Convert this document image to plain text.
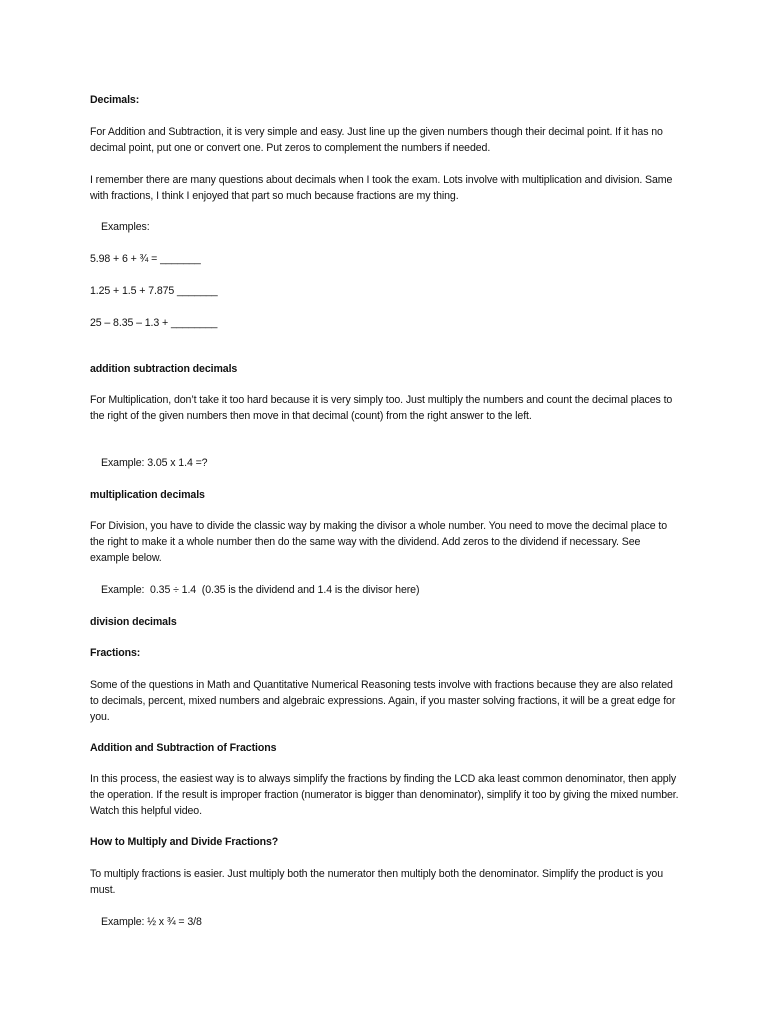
Decimals:
For Addition and Subtraction, it is very simple and easy. Just line up the given numbers though their decimal point. If it has no decimal point, put one or convert one. Put zeros to complement the numbers if needed.
I remember there are many questions about decimals when I took the exam. Lots involve with multiplication and division. Same with fractions, I think I enjoyed that part so much because fractions are my thing.
Examples:
5.98 + 6 + ¾ = _______
1.25 + 1.5 + 7.875 _______
25 – 8.35 – 1.3 + ________
addition subtraction decimals
For Multiplication, don’t take it too hard because it is very simply too. Just multiply the numbers and count the decimal places to the right of the given numbers then move in that decimal (count) from the right answer to the left.
Example: 3.05 x 1.4 =?
multiplication decimals
For Division, you have to divide the classic way by making the divisor a whole number. You need to move the decimal place to the right to make it a whole number then do the same way with the dividend. Add zeros to the dividend if necessary. See example below.
Example:  0.35 ÷ 1.4  (0.35 is the dividend and 1.4 is the divisor here)
division decimals
Fractions:
Some of the questions in Math and Quantitative Numerical Reasoning tests involve with fractions because they are also related to decimals, percent, mixed numbers and algebraic expressions. Again, if you master solving fractions, it will be a great edge for you.
Addition and Subtraction of Fractions
In this process, the easiest way is to always simplify the fractions by finding the LCD aka least common denominator, then apply the operation. If the result is improper fraction (numerator is bigger than denominator), simplify it too by giving the mixed number. Watch this helpful video.
How to Multiply and Divide Fractions?
To multiply fractions is easier. Just multiply both the numerator then multiply both the denominator. Simplify the product is you must.
Example: ½ x ¾ = 3/8
